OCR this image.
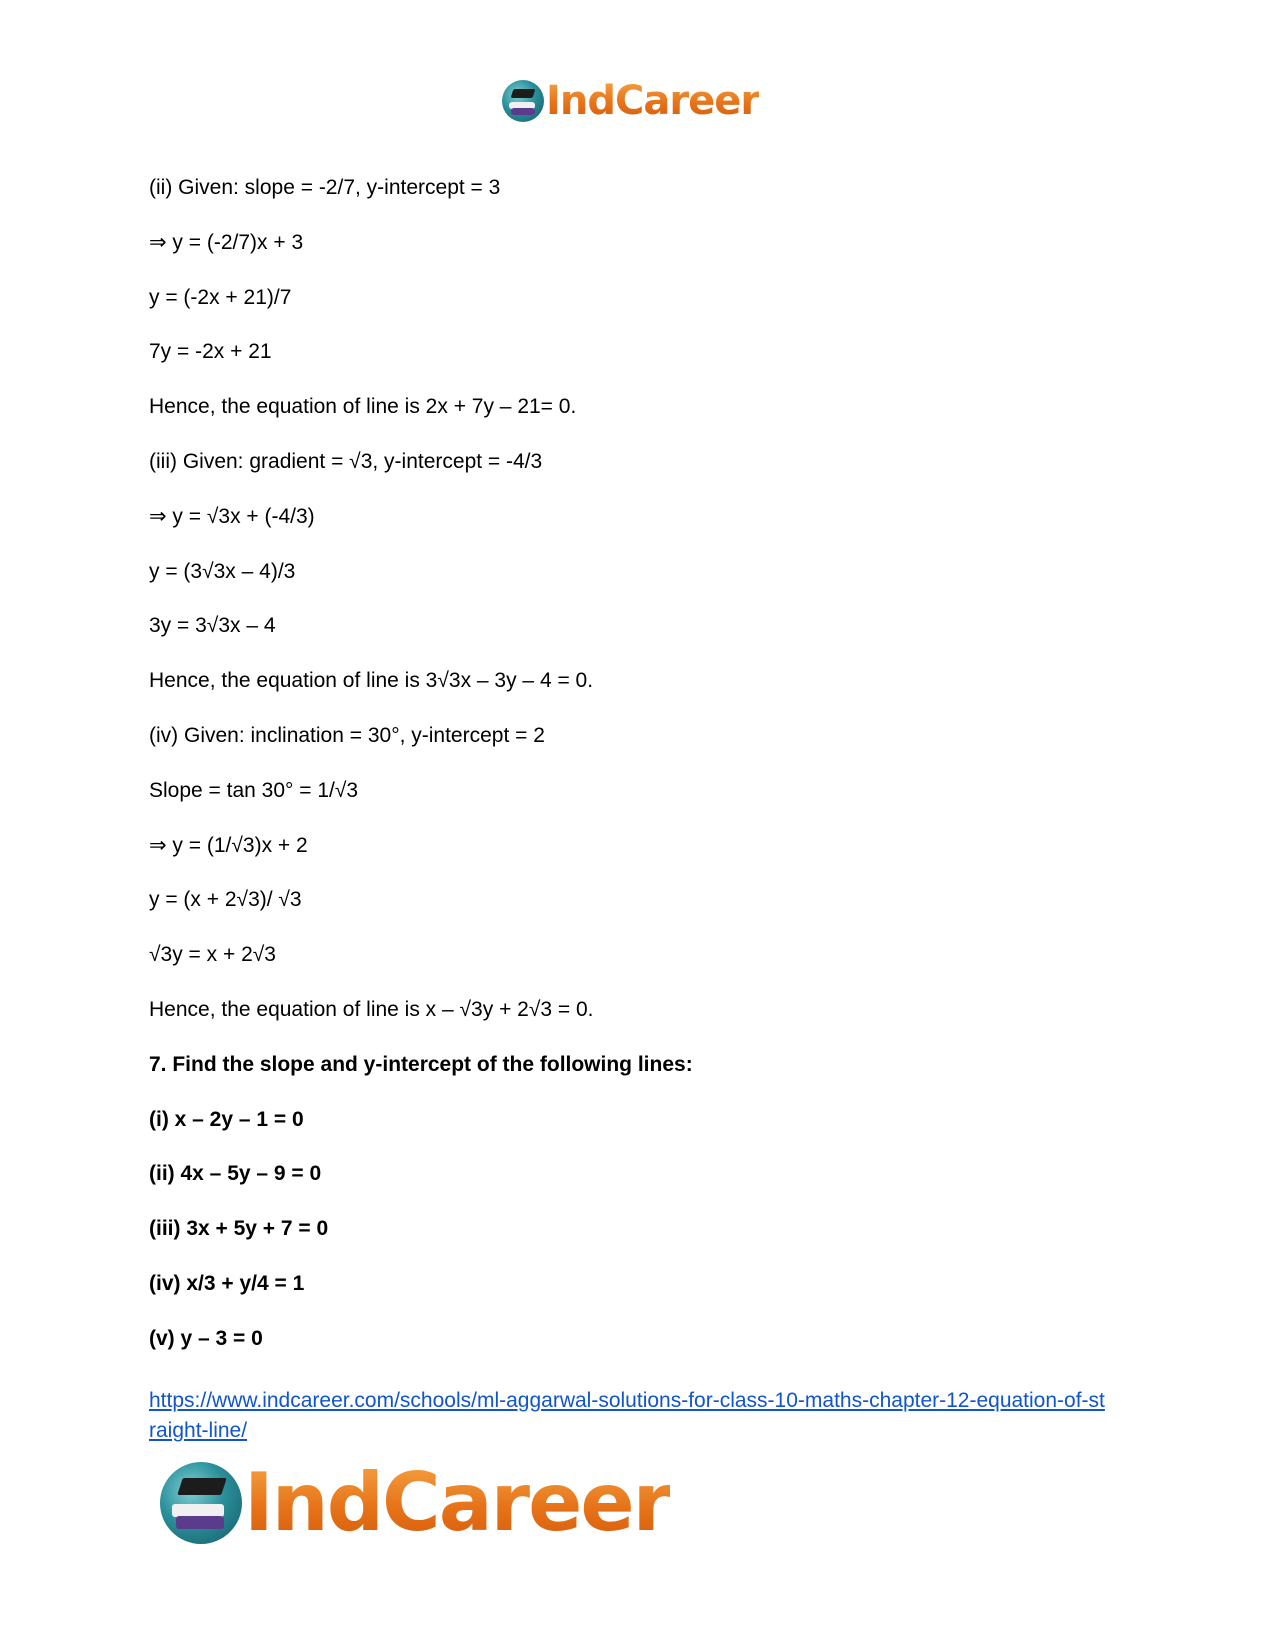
IndCareer
(ii) Given: slope = -2/7, y-intercept = 3
⇒ y = (-2/7)x + 3
y = (-2x + 21)/7
7y = -2x + 21
Hence, the equation of line is 2x + 7y – 21= 0.
(iii) Given: gradient = √3, y-intercept = -4/3
⇒ y = √3x + (-4/3)
y = (3√3x – 4)/3
3y = 3√3x – 4
Hence, the equation of line is 3√3x – 3y – 4 = 0.
(iv) Given: inclination = 30°, y-intercept = 2
Slope = tan 30° = 1/√3
⇒ y = (1/√3)x + 2
y = (x + 2√3)/ √3
√3y = x + 2√3
Hence, the equation of line is x – √3y + 2√3 = 0.
7. Find the slope and y-intercept of the following lines:
(i) x – 2y – 1 = 0
(ii) 4x – 5y – 9 = 0
(iii) 3x + 5y + 7 = 0
(iv) x/3 + y/4 = 1
(v) y – 3 = 0
https://www.indcareer.com/schools/ml-aggarwal-solutions-for-class-10-maths-chapter-12-equation-of-straight-line/
IndCareer
